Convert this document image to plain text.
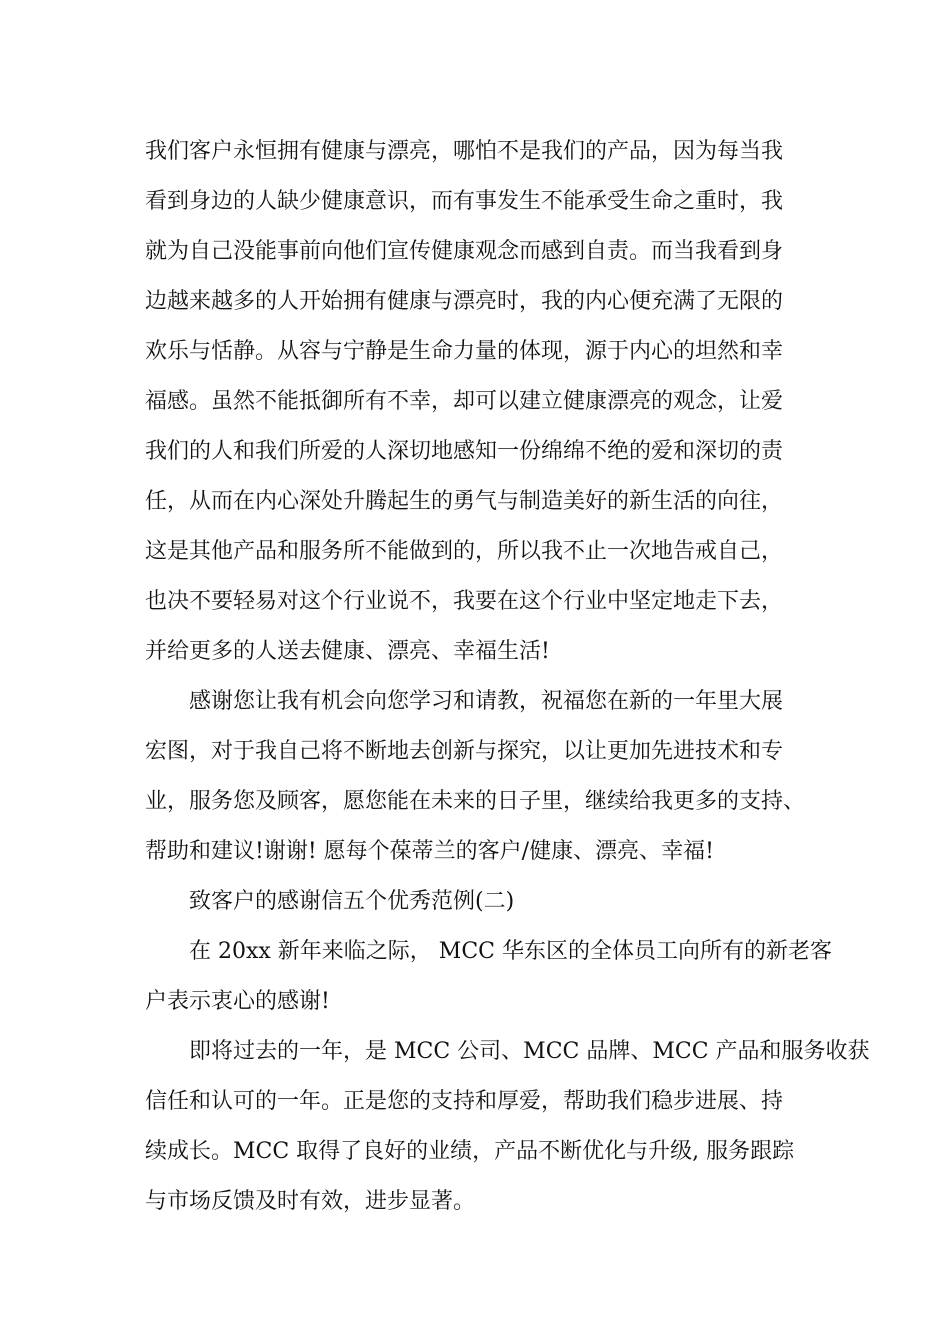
我们客户永恒拥有健康与漂亮，哪怕不是我们的产品，因为每当我
看到身边的人缺少健康意识，而有事发生不能承受生命之重时，我
就为自己没能事前向他们宣传健康观念而感到自责。而当我看到身
边越来越多的人开始拥有健康与漂亮时，我的内心便充满了无限的
欢乐与恬静。从容与宁静是生命力量的体现，源于内心的坦然和幸
福感。虽然不能抵御所有不幸，却可以建立健康漂亮的观念，让爱
我们的人和我们所爱的人深切地感知一份绵绵不绝的爱和深切的责
任，从而在内心深处升腾起生的勇气与制造美好的新生活的向往，
这是其他产品和服务所不能做到的，所以我不止一次地告戒自己，
也决不要轻易对这个行业说不，我要在这个行业中坚定地走下去，
并给更多的人送去健康、漂亮、幸福生活!
感谢您让我有机会向您学习和请教，祝福您在新的一年里大展
宏图，对于我自己将不断地去创新与探究，以让更加先进技术和专
业，服务您及顾客，愿您能在未来的日子里，继续给我更多的支持、
帮助和建议!谢谢! 愿每个葆蒂兰的客户/健康、漂亮、幸福!
致客户的感谢信五个优秀范例(二)
在 20xx 新年来临之际， MCC 华东区的全体员工向所有的新老客
户表示衷心的感谢!
即将过去的一年，是 MCC 公司、MCC 品牌、MCC 产品和服务收获
信任和认可的一年。正是您的支持和厚爱，帮助我们稳步进展、持
续成长。MCC 取得了良好的业绩，产品不断优化与升级, 服务跟踪
与市场反馈及时有效，进步显著。
